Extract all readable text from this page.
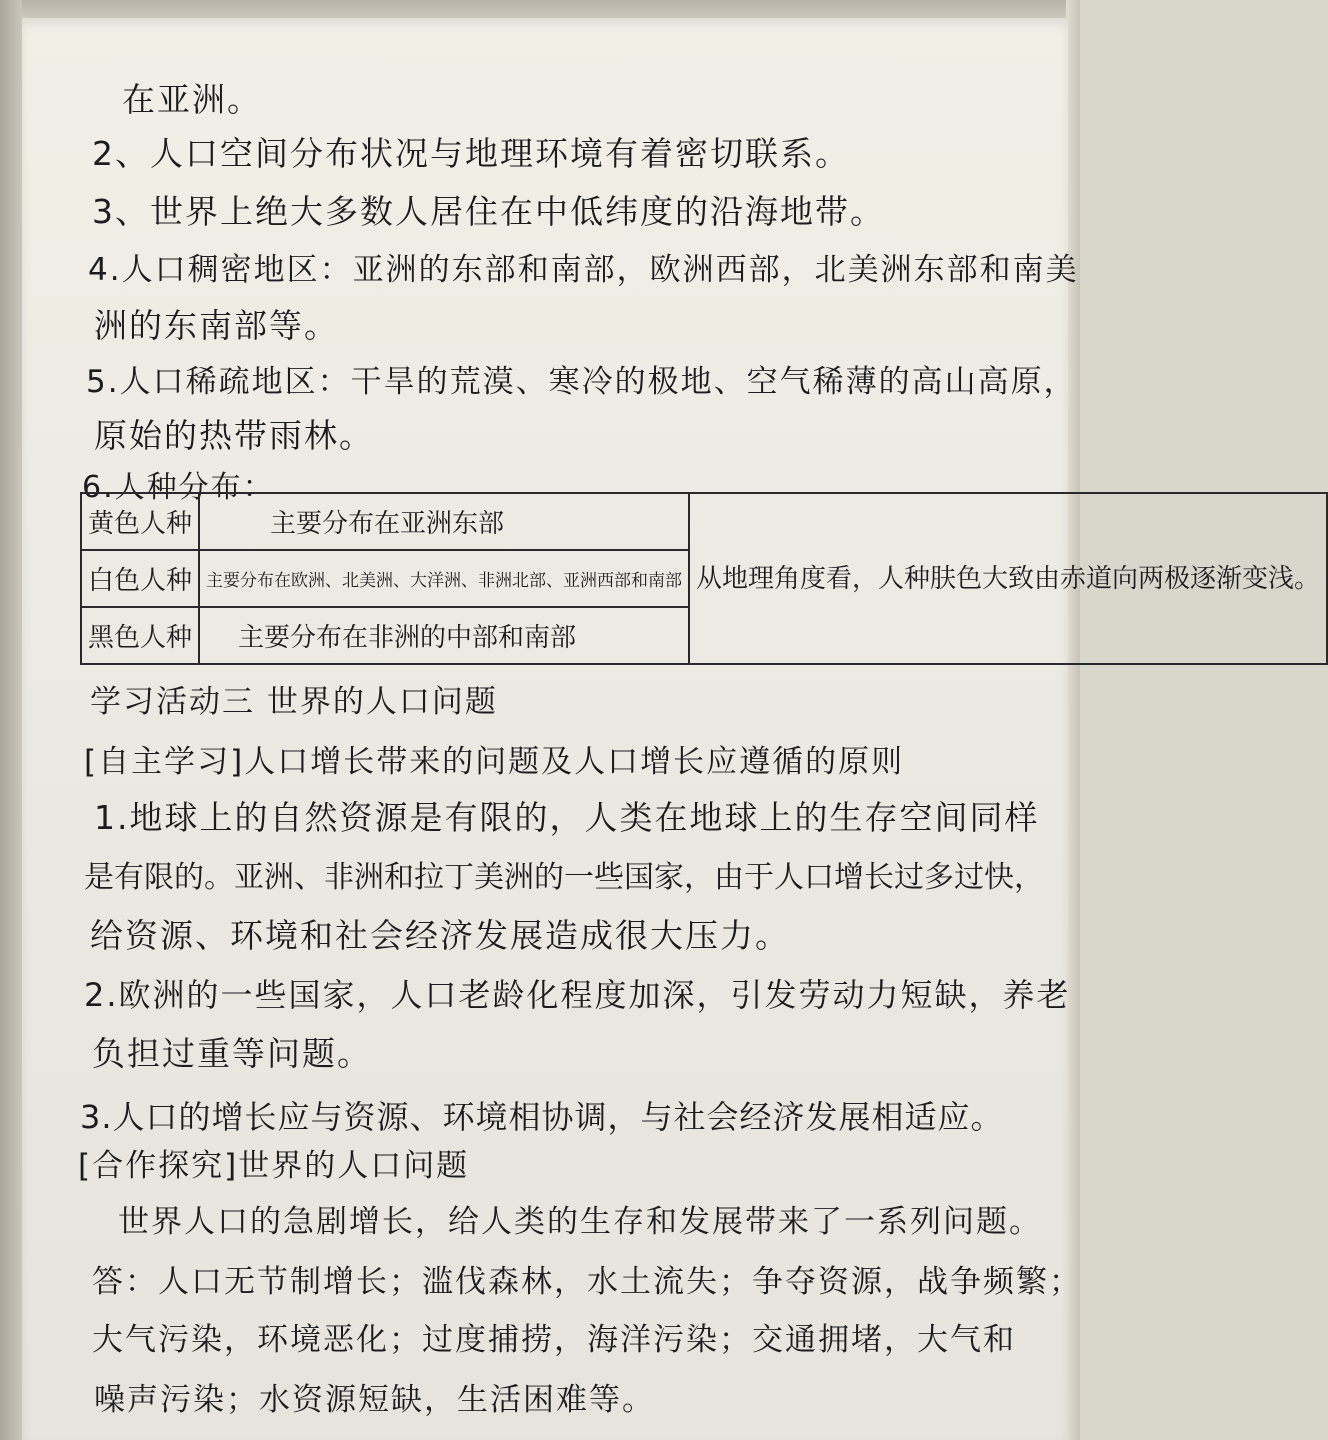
在亚洲。
2、人口空间分布状况与地理环境有着密切联系。
3、世界上绝大多数人居住在中低纬度的沿海地带。
4.人口稠密地区：亚洲的东部和南部，欧洲西部，北美洲东部和南美
洲的东南部等。
5.人口稀疏地区：干旱的荒漠、寒冷的极地、空气稀薄的高山高原，
原始的热带雨林。
6.人种分布：
黄色人种	主要分布在亚洲东部	从地理角度看，人种肤色大致由赤道向两极逐渐变浅。
白色人种	主要分布在欧洲、北美洲、大洋洲、非洲北部、亚洲西部和南部	
黑色人种	主要分布在非洲的中部和南部	
学习活动三 世界的人口问题
[自主学习]人口增长带来的问题及人口增长应遵循的原则
1.地球上的自然资源是有限的，人类在地球上的生存空间同样
是有限的。亚洲、非洲和拉丁美洲的一些国家，由于人口增长过多过快，
给资源、环境和社会经济发展造成很大压力。
2.欧洲的一些国家，人口老龄化程度加深，引发劳动力短缺，养老
负担过重等问题。
3.人口的增长应与资源、环境相协调，与社会经济发展相适应。
[合作探究]世界的人口问题
世界人口的急剧增长，给人类的生存和发展带来了一系列问题。
答：人口无节制增长；滥伐森林，水土流失；争夺资源，战争频繁；
大气污染，环境恶化；过度捕捞，海洋污染；交通拥堵，大气和
噪声污染；水资源短缺，生活困难等。
